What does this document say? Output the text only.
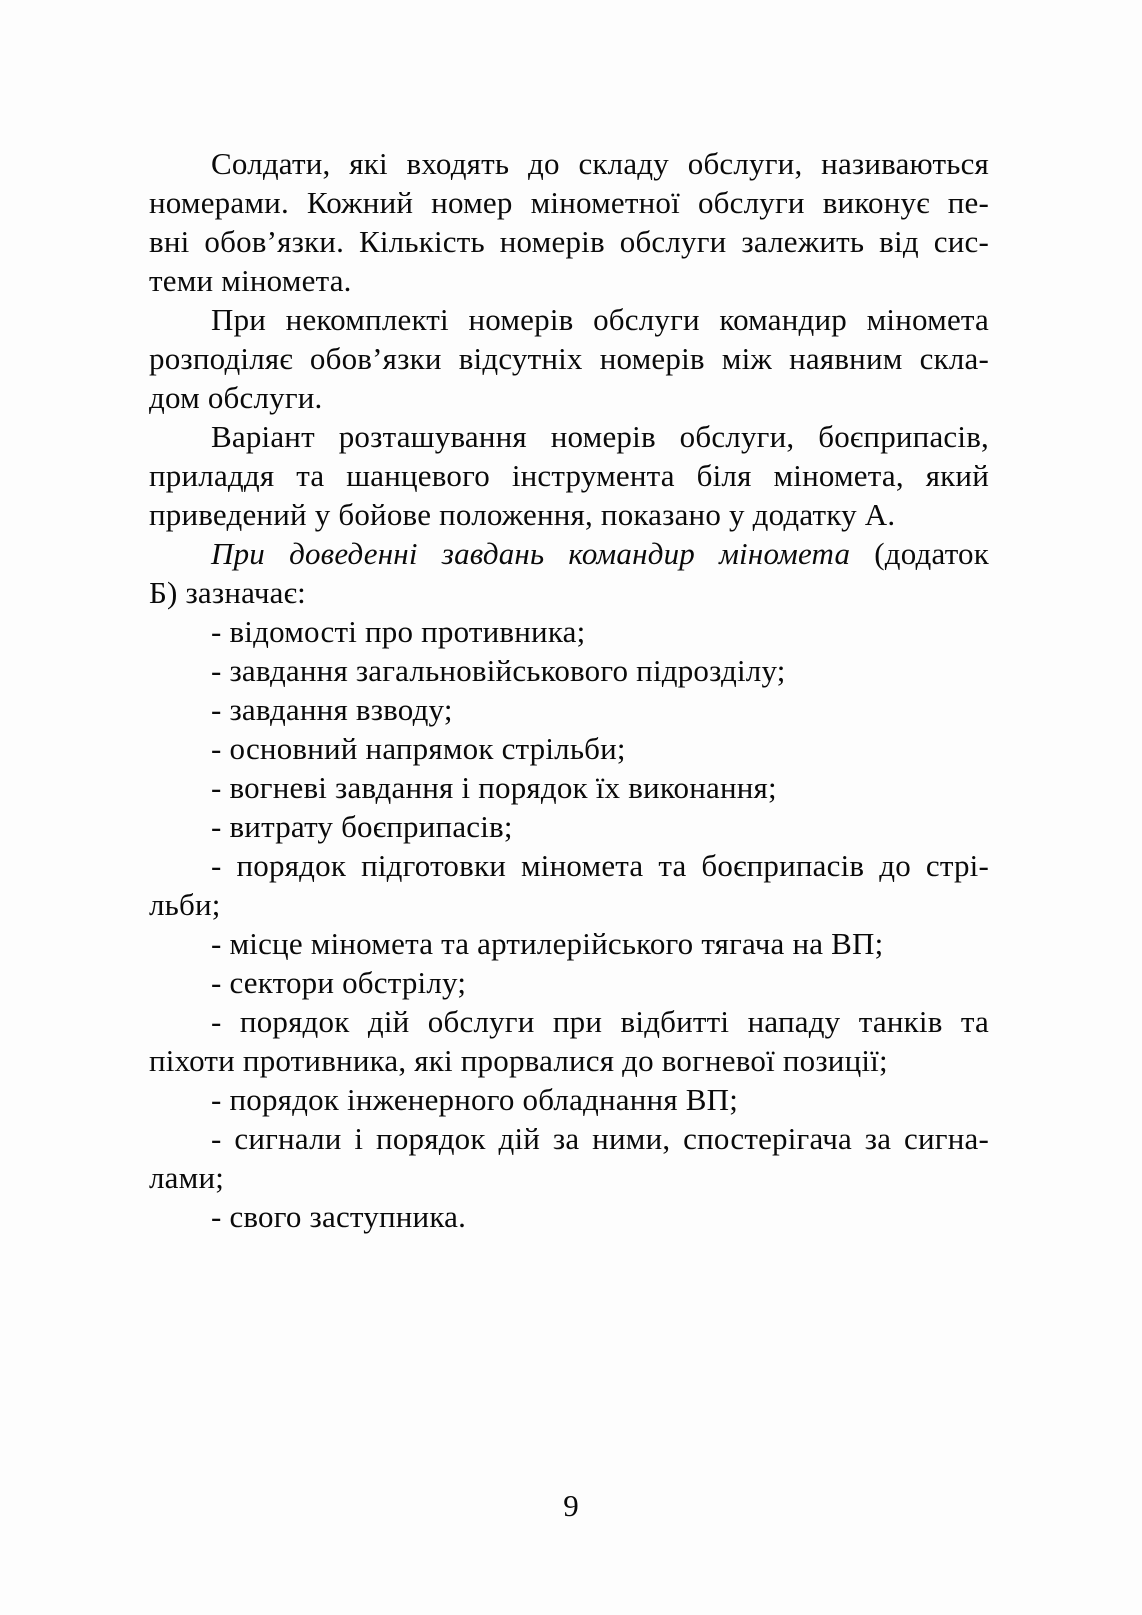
Солдати, які входять до складу обслуги, називаються
номерами. Кожний номер мінометної обслуги виконує пе-
вні обов’язки. Кількість номерів обслуги залежить від сис-
теми міномета.
При некомплекті номерів обслуги командир міномета
розподіляє обов’язки відсутніх номерів між наявним скла-
дом обслуги.
Варіант розташування номерів обслуги, боєприпасів,
приладдя та шанцевого інструмента біля міномета, який
приведений у бойове положення, показано у додатку А.
При доведенні завдань командир міномета (додаток
Б) зазначає:
- відомості про противника;
- завдання загальновійськового підрозділу;
- завдання взводу;
- основний напрямок стрільби;
- вогневі завдання і порядок їх виконання;
- витрату боєприпасів;
- порядок підготовки міномета та боєприпасів до стрі-
льби;
- місце міномета та артилерійського тягача на ВП;
- сектори обстрілу;
- порядок дій обслуги при відбитті нападу танків та
піхоти противника, які прорвалися до вогневої позиції;
- порядок інженерного обладнання ВП;
- сигнали і порядок дій за ними, спостерігача за сигна-
лами;
- свого заступника.
9
